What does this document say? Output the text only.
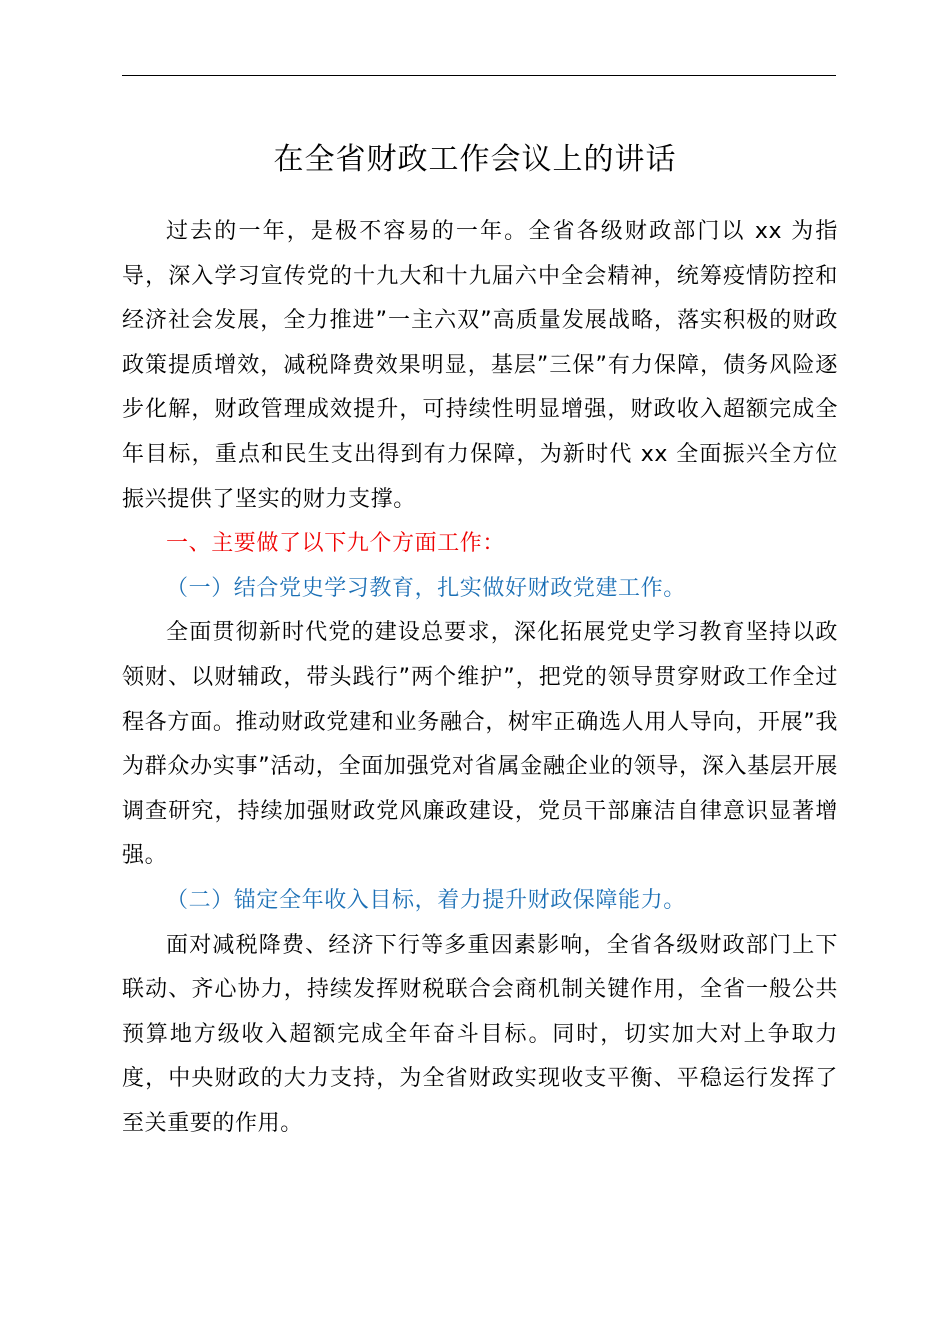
在全省财政工作会议上的讲话

过去的一年，是极不容易的一年。全省各级财政部门以 xx 为指导，深入学习宣传党的十九大和十九届六中全会精神，统筹疫情防控和经济社会发展，全力推进”一主六双”高质量发展战略，落实积极的财政政策提质增效，减税降费效果明显，基层”三保”有力保障，债务风险逐步化解，财政管理成效提升，可持续性明显增强，财政收入超额完成全年目标，重点和民生支出得到有力保障，为新时代 xx 全面振兴全方位振兴提供了坚实的财力支撑。

一、主要做了以下九个方面工作：

（一）结合党史学习教育，扎实做好财政党建工作。

全面贯彻新时代党的建设总要求，深化拓展党史学习教育坚持以政领财、以财辅政，带头践行”两个维护”，把党的领导贯穿财政工作全过程各方面。推动财政党建和业务融合，树牢正确选人用人导向，开展”我为群众办实事”活动，全面加强党对省属金融企业的领导，深入基层开展调查研究，持续加强财政党风廉政建设，党员干部廉洁自律意识显著增强。

（二）锚定全年收入目标，着力提升财政保障能力。

面对减税降费、经济下行等多重因素影响，全省各级财政部门上下联动、齐心协力，持续发挥财税联合会商机制关键作用，全省一般公共预算地方级收入超额完成全年奋斗目标。同时，切实加大对上争取力度，中央财政的大力支持，为全省财政实现收支平衡、平稳运行发挥了至关重要的作用。
